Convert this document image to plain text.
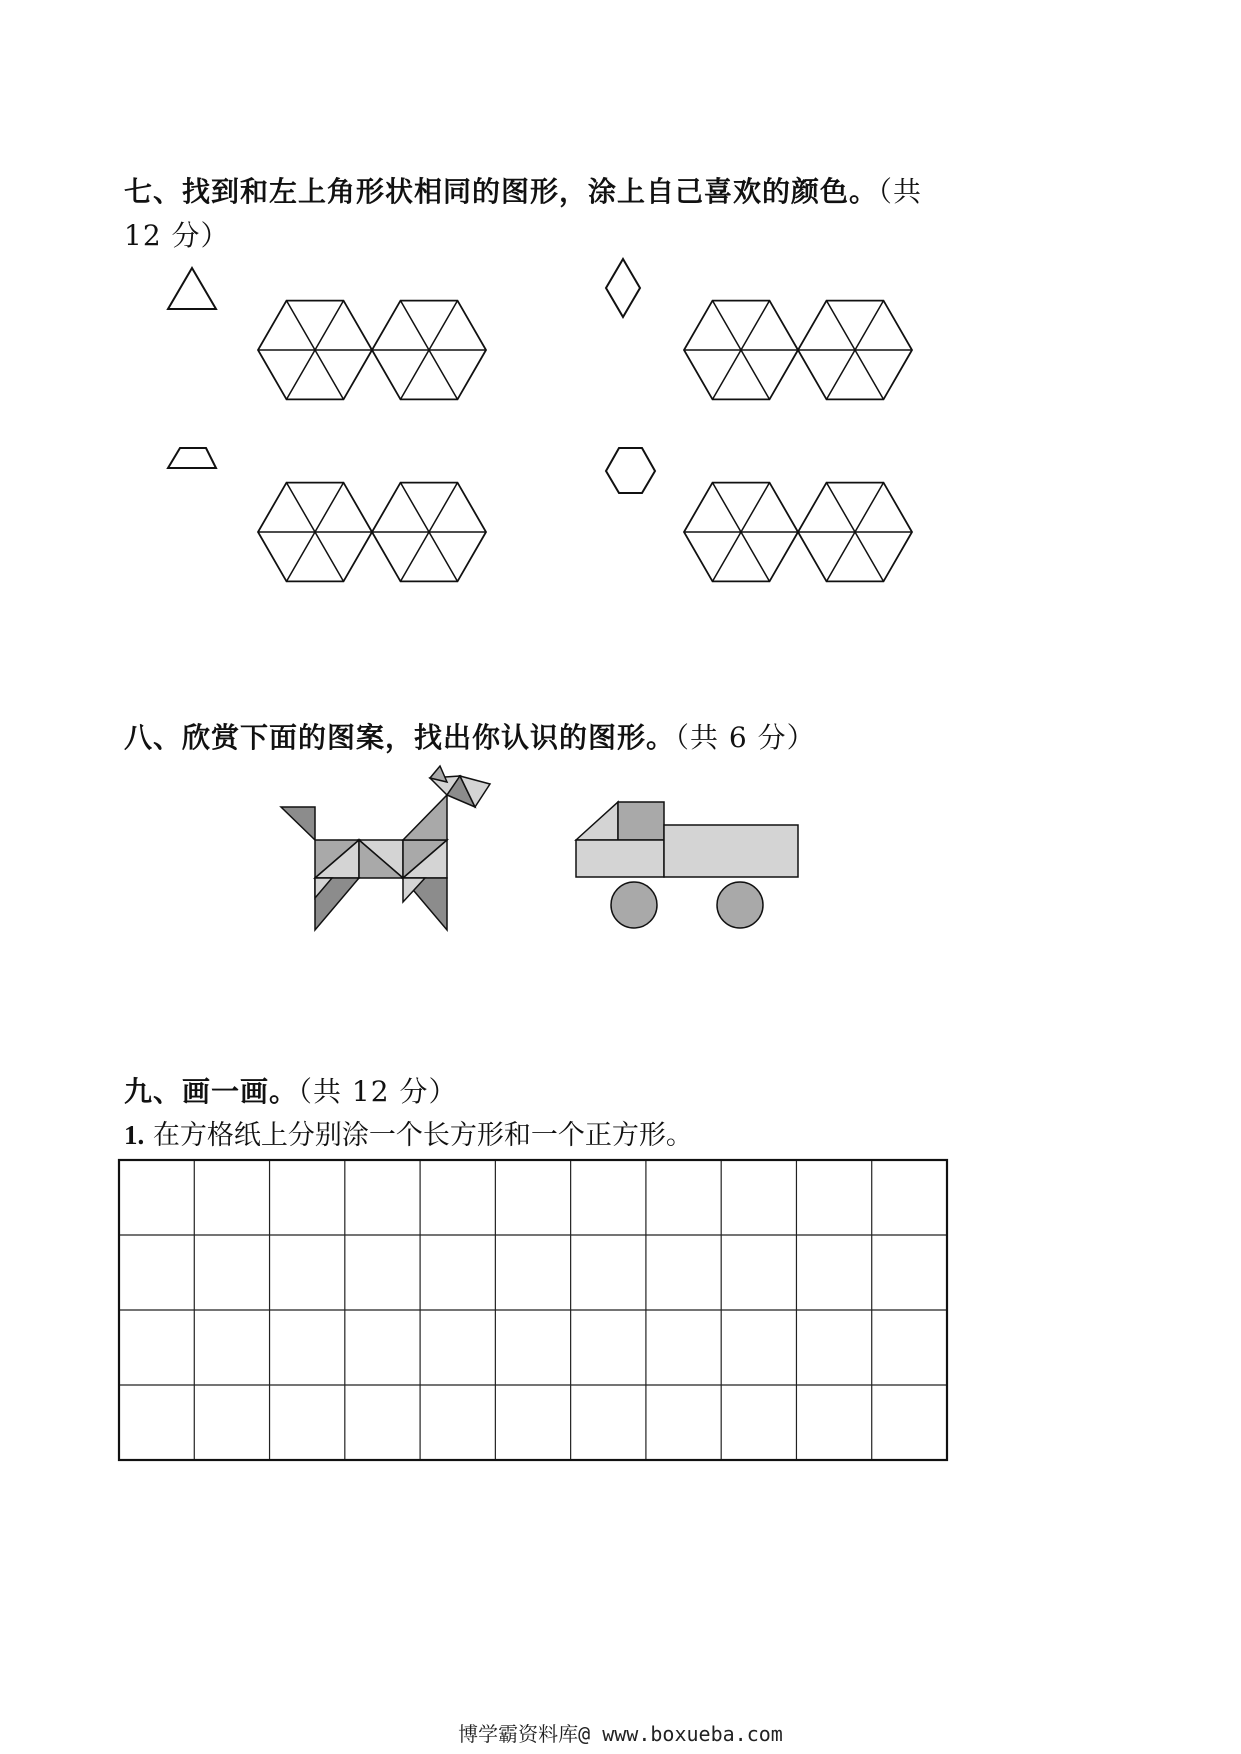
七、找到和左上角形状相同的图形，涂上自己喜欢的颜色。（共
12 分）
八、欣赏下面的图案，找出你认识的图形。（共 6 分）
九、画一画。（共 12 分）
1. 在方格纸上分别涂一个长方形和一个正方形。
博学霸资料库@ www.boxueba.com
